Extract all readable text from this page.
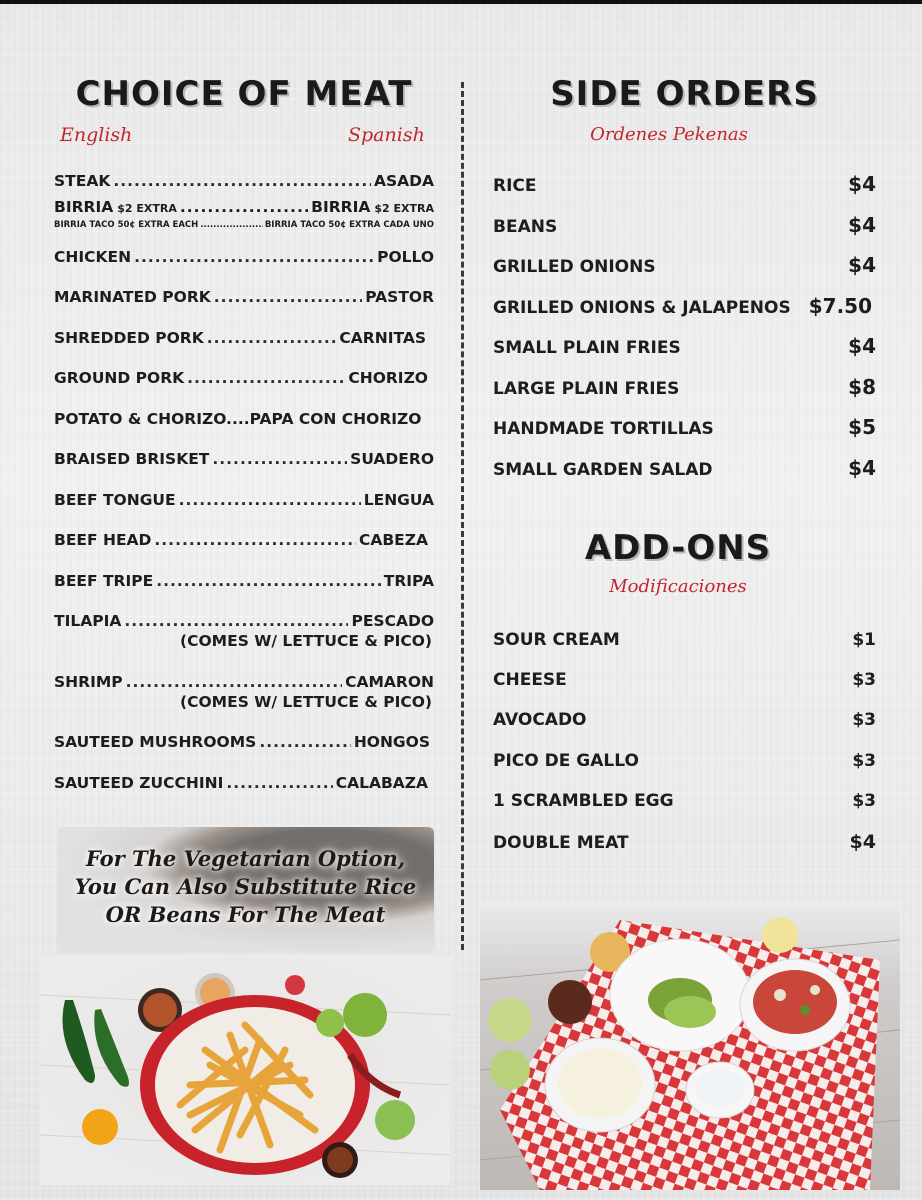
CHOICE OF MEAT
English	Spanish
STEAK .....	ASADA
BIRRIA $2 EXTRA .....	BIRRIA $2 EXTRA
BIRRIA TACO 50¢ EXTRA EACH .....	BIRRIA TACO 50¢ EXTRA CADA UNO
CHICKEN .....	POLLO
MARINATED PORK .....	PASTOR
SHREDDED PORK .....	CARNITAS
GROUND PORK .....	CHORIZO
POTATO & CHORIZO....PAPA CON CHORIZO
BRAISED BRISKET .....	SUADERO
BEEF TONGUE .....	LENGUA
BEEF HEAD .....	CABEZA
BEEF TRIPE .....	TRIPA
TILAPIA .....	PESCADO
(COMES W/ LETTUCE & PICO)
SHRIMP .....	CAMARON
(COMES W/ LETTUCE & PICO)
SAUTEED MUSHROOMS .....	HONGOS
SAUTEED ZUCCHINI .....	CALABAZA
For The Vegetarian Option,
You Can Also Substitute Rice
OR Beans For The Meat
SIDE ORDERS
Ordenes Pekenas
RICE	$4
BEANS	$4
GRILLED ONIONS	$4
GRILLED ONIONS & JALAPENOS $7.50
SMALL PLAIN FRIES	$4
LARGE PLAIN FRIES	$8
HANDMADE TORTILLAS	$5
SMALL GARDEN SALAD	$4
ADD-ONS
Modificaciones
SOUR CREAM	$1
CHEESE	$3
AVOCADO	$3
PICO DE GALLO	$3
1 SCRAMBLED EGG	$3
DOUBLE MEAT	$4
